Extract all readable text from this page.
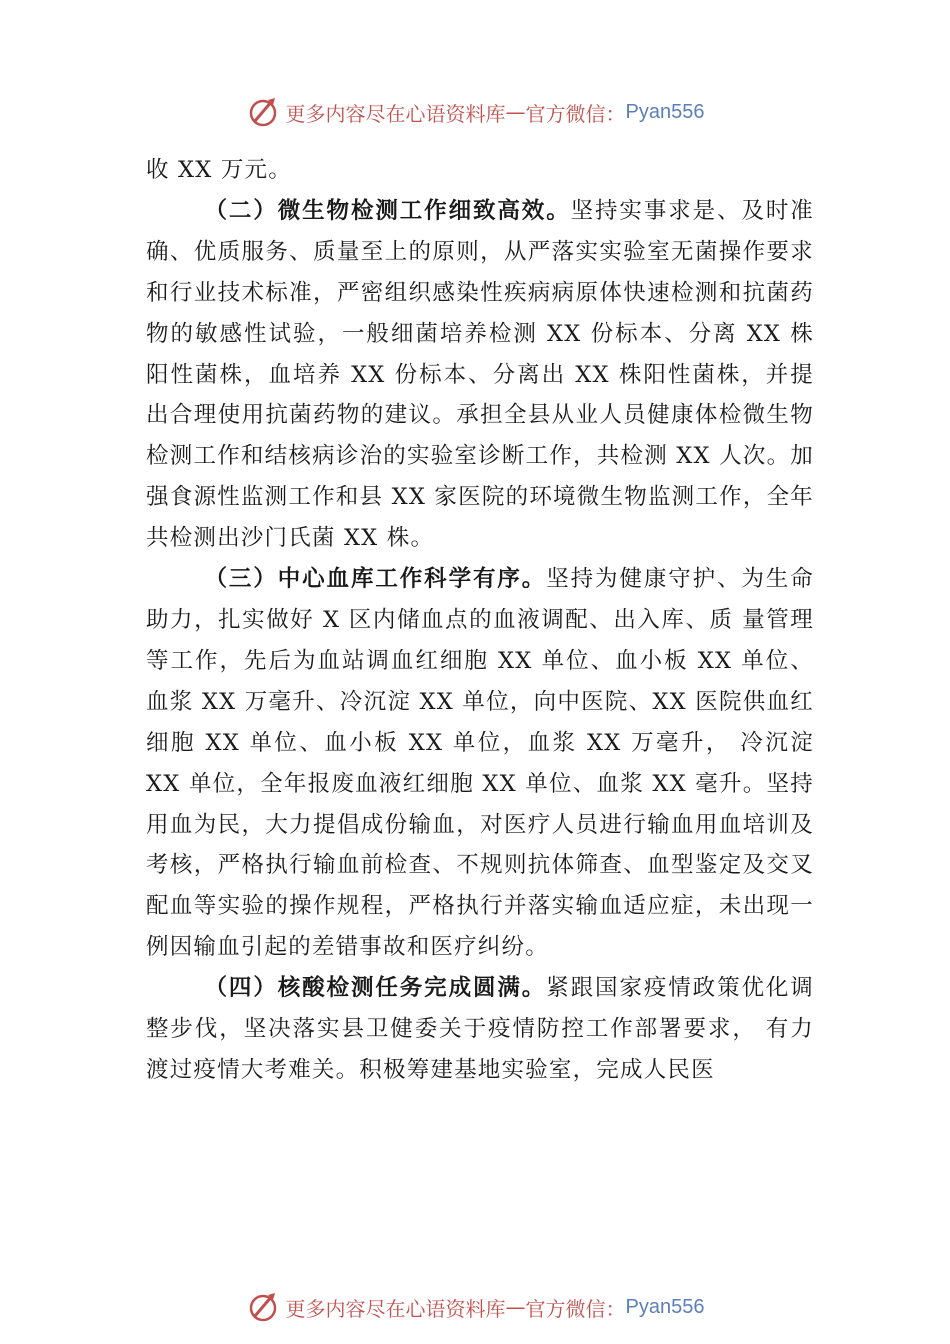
更多内容尽在心语资料库 — 官方微信： Pyan556

收 XX 万元。

（二）微生物检测工作细致高效。坚持实事求是、及时准确、优质服务、质量至上的原则，从严落实实验室无菌操作要求和行业技术标准，严密组织感染性疾病病原体快速检测和抗菌药物的敏感性试验，一般细菌培养检测 XX 份标本、分离 XX 株阳性菌株，血培养 XX 份标本、分离出 XX 株阳性菌株，并提出合理使用抗菌药物的建议。承担全县从业人员健康体检微生物检测工作和结核病诊治的实验室诊断工作，共检测 XX 人次。加强食源性监测工作和县 XX 家医院的环境微生物监测工作，全年共检测出沙门氏菌 XX 株。

（三）中心血库工作科学有序。坚持为健康守护、为生命助力，扎实做好 X 区内储血点的血液调配、出入库、质 量管理等工作，先后为血站调血红细胞 XX 单位、血小板 XX 单位、血浆 XX 万毫升、冷沉淀 XX 单位，向中医院、XX 医院供血红细胞 XX 单位、血小板 XX 单位，血浆 XX 万毫升， 冷沉淀 XX 单位，全年报废血液红细胞 XX 单位、血浆 XX 毫升。坚持用血为民，大力提倡成份输血，对医疗人员进行输血用血培训及考核，严格执行输血前检查、不规则抗体筛查、血型鉴定及交叉配血等实验的操作规程，严格执行并落实输血适应症，未出现一例因输血引起的差错事故和医疗纠纷。

（四）核酸检测任务完成圆满。紧跟国家疫情政策优化调整步伐，坚决落实县卫健委关于疫情防控工作部署要求， 有力渡过疫情大考难关。积极筹建基地实验室，完成人民医

更多内容尽在心语资料库 — 官方微信： Pyan556
